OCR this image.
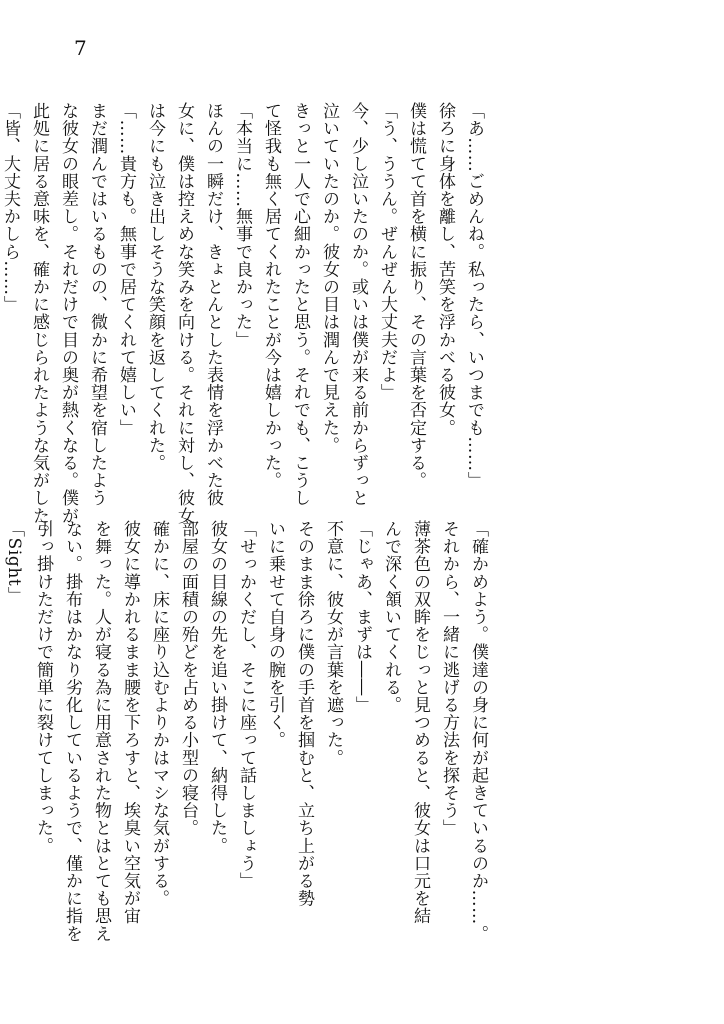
7
「あ……ごめんね。私ったら、いつまでも……」
徐ろに身体を離し、苦笑を浮かべる彼女。
僕は慌てて首を横に振り、その言葉を否定する。
「う、ううん。ぜんぜん大丈夫だよ」
今、少し泣いたのか。或いは僕が来る前からずっと
泣いていたのか。彼女の目は潤んで見えた。
きっと一人で心細かったと思う。それでも、こうし
て怪我も無く居てくれたことが今は嬉しかった。
「本当に……無事で良かった」
ほんの一瞬だけ、きょとんとした表情を浮かべた彼
女に、僕は控えめな笑みを向ける。それに対し、彼女
は今にも泣き出しそうな笑顔を返してくれた。
「……貴方も。無事で居てくれて嬉しい」
まだ潤んではいるものの、微かに希望を宿したよう
な彼女の眼差し。それだけで目の奥が熱くなる。僕が
此処に居る意味を、確かに感じられたような気がした。
「皆、大丈夫かしら……」
「確かめよう。僕達の身に何が起きているのか……。
それから、一緒に逃げる方法を探そう」
薄茶色の双眸をじっと見つめると、彼女は口元を結
んで深く頷いてくれる。
「じゃあ、まずは――」
不意に、彼女が言葉を遮った。
そのまま徐ろに僕の手首を掴むと、立ち上がる勢
いに乗せて自身の腕を引く。
「せっかくだし、そこに座って話しましょう」
彼女の目線の先を追い掛けて、納得した。
部屋の面積の殆どを占める小型の寝台。
確かに、床に座り込むよりかはマシな気がする。
彼女に導かれるまま腰を下ろすと、埃臭い空気が宙
を舞った。人が寝る為に用意された物とはとても思え
ない。掛布はかなり劣化しているようで、僅かに指を
引っ掛けただけで簡単に裂けてしまった。
「Sight」
